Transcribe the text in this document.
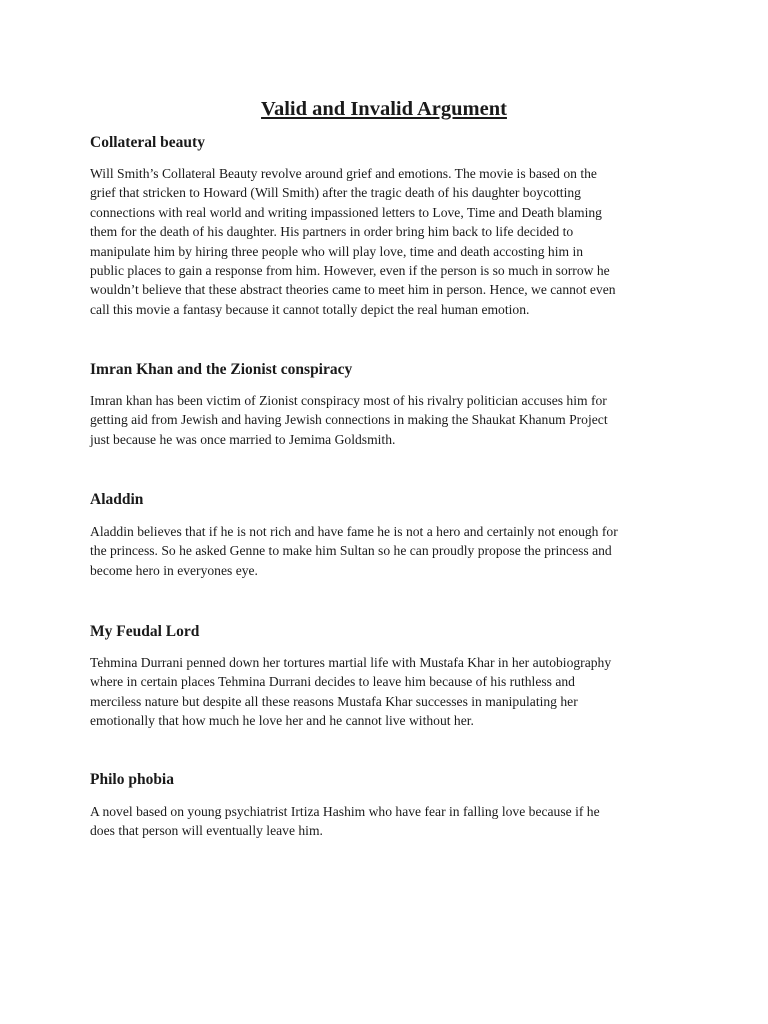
Valid and Invalid Argument
Collateral beauty
Will Smith’s Collateral Beauty revolve around grief and emotions. The movie is based on the
grief that stricken to Howard (Will Smith) after the tragic death of his daughter boycotting
connections with real world and writing impassioned letters to Love, Time and Death blaming
them for the death of his daughter. His partners in order bring him back to life decided to
manipulate him by hiring three people who will play love, time and death accosting him in
public places to gain a response from him. However, even if the person is so much in sorrow he
wouldn’t believe that these abstract theories came to meet him in person. Hence, we cannot even
call this movie a fantasy because it cannot totally depict the real human emotion.
Imran Khan and the Zionist conspiracy
Imran khan has been victim of Zionist conspiracy most of his rivalry politician accuses him for
getting aid from Jewish and having Jewish connections in making the Shaukat Khanum Project
just because he was once married to Jemima Goldsmith.
Aladdin
Aladdin believes that if he is not rich and have fame he is not a hero and certainly not enough for
the princess. So he asked Genne to make him Sultan so he can proudly propose the princess and
become hero in everyones eye.
My Feudal Lord
Tehmina Durrani penned down her tortures martial life with Mustafa Khar in her autobiography
where in certain places Tehmina Durrani decides to leave him because of his ruthless and
merciless nature but despite all these reasons Mustafa Khar successes in manipulating her
emotionally that how much he love her and he cannot live without her.
Philo phobia
A novel based on young psychiatrist Irtiza Hashim who have fear in falling love because if he
does that person will eventually leave him.
